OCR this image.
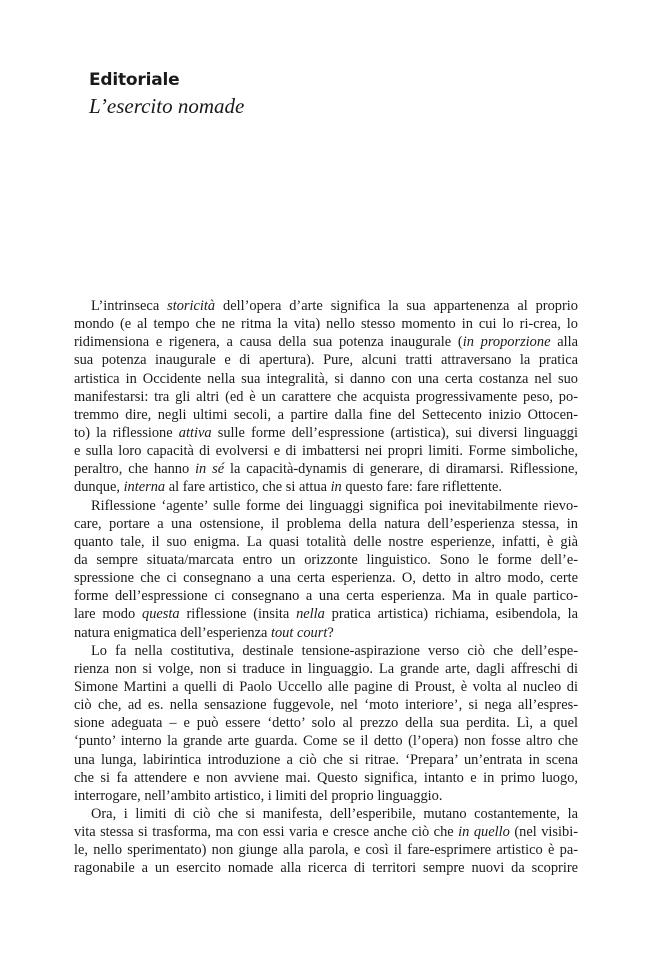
Editoriale
L’esercito nomade
L’intrinseca storicità dell’opera d’arte significa la sua appartenenza al proprio
mondo (e al tempo che ne ritma la vita) nello stesso momento in cui lo ri-crea, lo
ridimensiona e rigenera, a causa della sua potenza inaugurale (in proporzione alla
sua potenza inaugurale e di apertura). Pure, alcuni tratti attraversano la pratica
artistica in Occidente nella sua integralità, si danno con una certa costanza nel suo
manifestarsi: tra gli altri (ed è un carattere che acquista progressivamente peso, po-
tremmo dire, negli ultimi secoli, a partire dalla fine del Settecento inizio Ottocen-
to) la riflessione attiva sulle forme dell’espressione (artistica), sui diversi linguaggi
e sulla loro capacità di evolversi e di imbattersi nei propri limiti. Forme simboliche,
peraltro, che hanno in sé la capacità-dynamis di generare, di diramarsi. Riflessione,
dunque, interna al fare artistico, che si attua in questo fare: fare riflettente.
Riflessione ‘agente’ sulle forme dei linguaggi significa poi inevitabilmente rievo-
care, portare a una ostensione, il problema della natura dell’esperienza stessa, in
quanto tale, il suo enigma. La quasi totalità delle nostre esperienze, infatti, è già
da sempre situata/marcata entro un orizzonte linguistico. Sono le forme dell’e-
spressione che ci consegnano a una certa esperienza. O, detto in altro modo, certe
forme dell’espressione ci consegnano a una certa esperienza. Ma in quale partico-
lare modo questa riflessione (insita nella pratica artistica) richiama, esibendola, la
natura enigmatica dell’esperienza tout court?
Lo fa nella costitutiva, destinale tensione-aspirazione verso ciò che dell’espe-
rienza non si volge, non si traduce in linguaggio. La grande arte, dagli affreschi di
Simone Martini a quelli di Paolo Uccello alle pagine di Proust, è volta al nucleo di
ciò che, ad es. nella sensazione fuggevole, nel ‘moto interiore’, si nega all’espres-
sione adeguata – e può essere ‘detto’ solo al prezzo della sua perdita. Lì, a quel
‘punto’ interno la grande arte guarda. Come se il detto (l’opera) non fosse altro che
una lunga, labirintica introduzione a ciò che si ritrae. ‘Prepara’ un’entrata in scena
che si fa attendere e non avviene mai. Questo significa, intanto e in primo luogo,
interrogare, nell’ambito artistico, i limiti del proprio linguaggio.
Ora, i limiti di ciò che si manifesta, dell’esperibile, mutano costantemente, la
vita stessa si trasforma, ma con essi varia e cresce anche ciò che in quello (nel visibi-
le, nello sperimentato) non giunge alla parola, e così il fare-esprimere artistico è pa-
ragonabile a un esercito nomade alla ricerca di territori sempre nuovi da scoprire
